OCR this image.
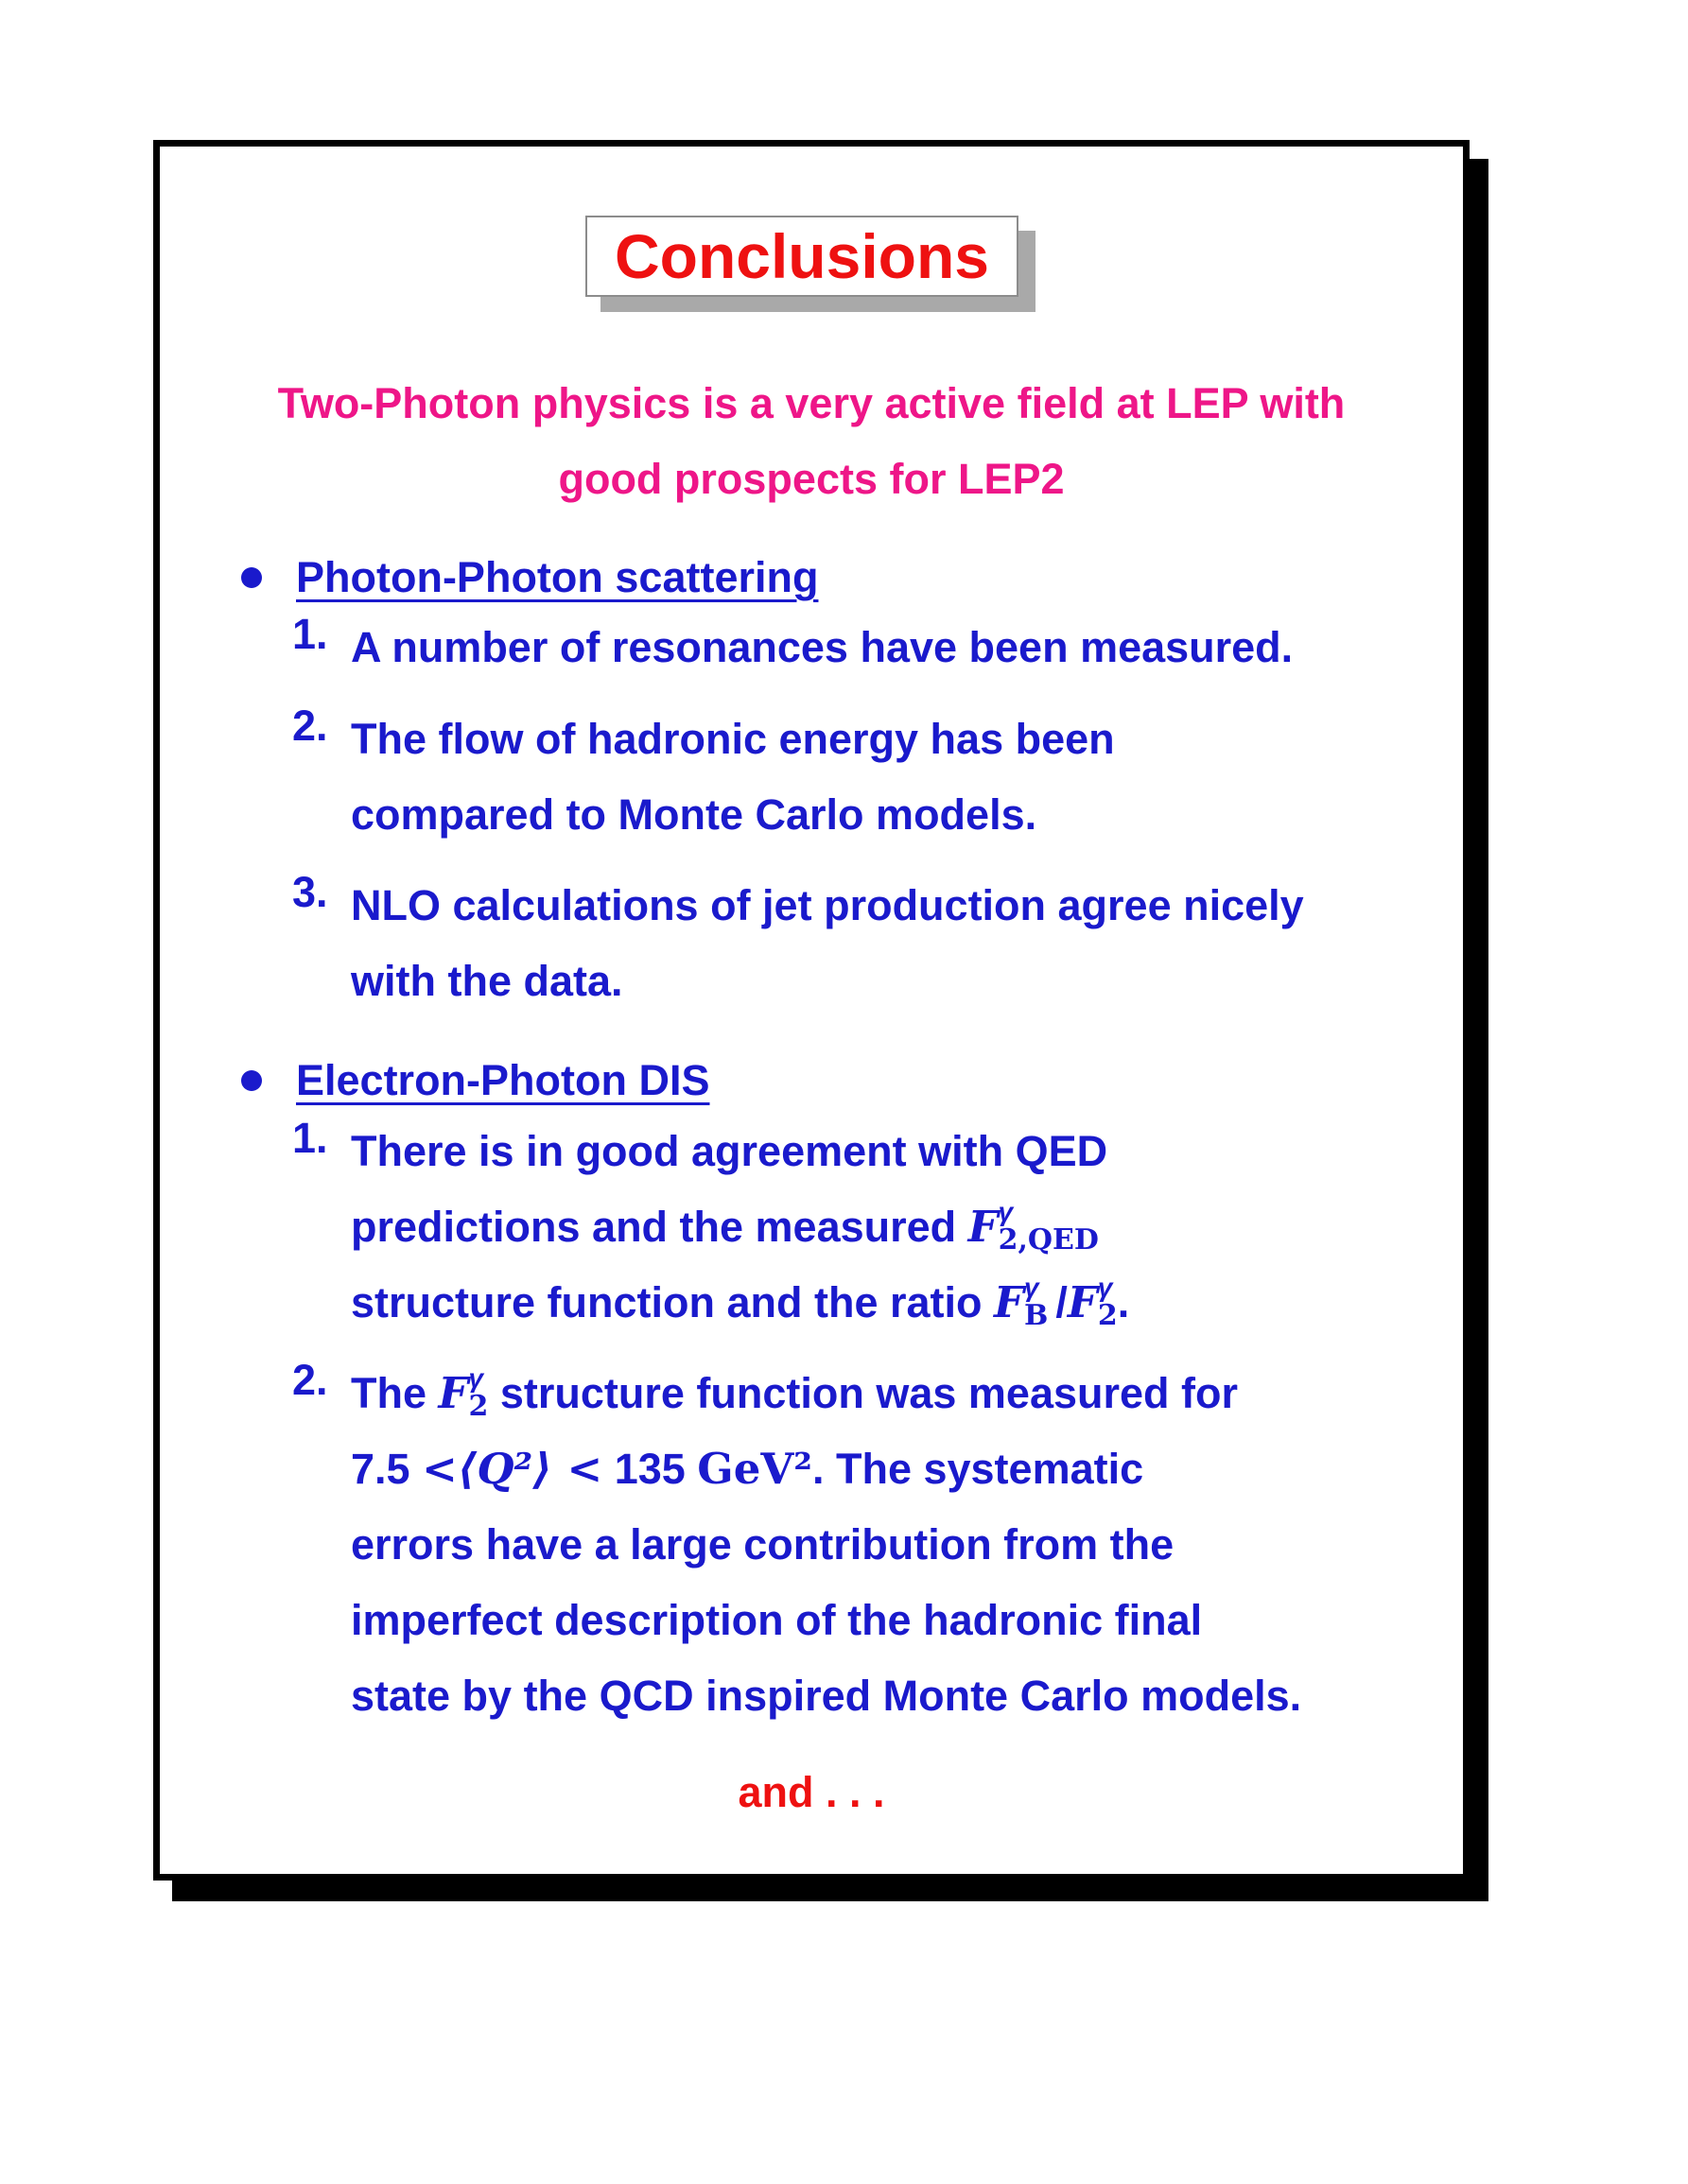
Conclusions
Two-Photon physics is a very active field at LEP with
good prospects for LEP2
Photon-Photon scattering
1. A number of resonances have been measured.
2. The flow of hadronic energy has been
compared to Monte Carlo models.
3. NLO calculations of jet production agree nicely
with the data.
Electron-Photon DIS
1. There is in good agreement with QED
predictions and the measured F γ
2,QED
structure function and the ratio F γ
B /F γ
2 .
2. The F γ
2 structure function was measured for
7.5 <⟨Q²⟩ < 135 GeV². The systematic
errors have a large contribution from the
imperfect description of the hadronic final
state by the QCD inspired Monte Carlo models.
and . . .
